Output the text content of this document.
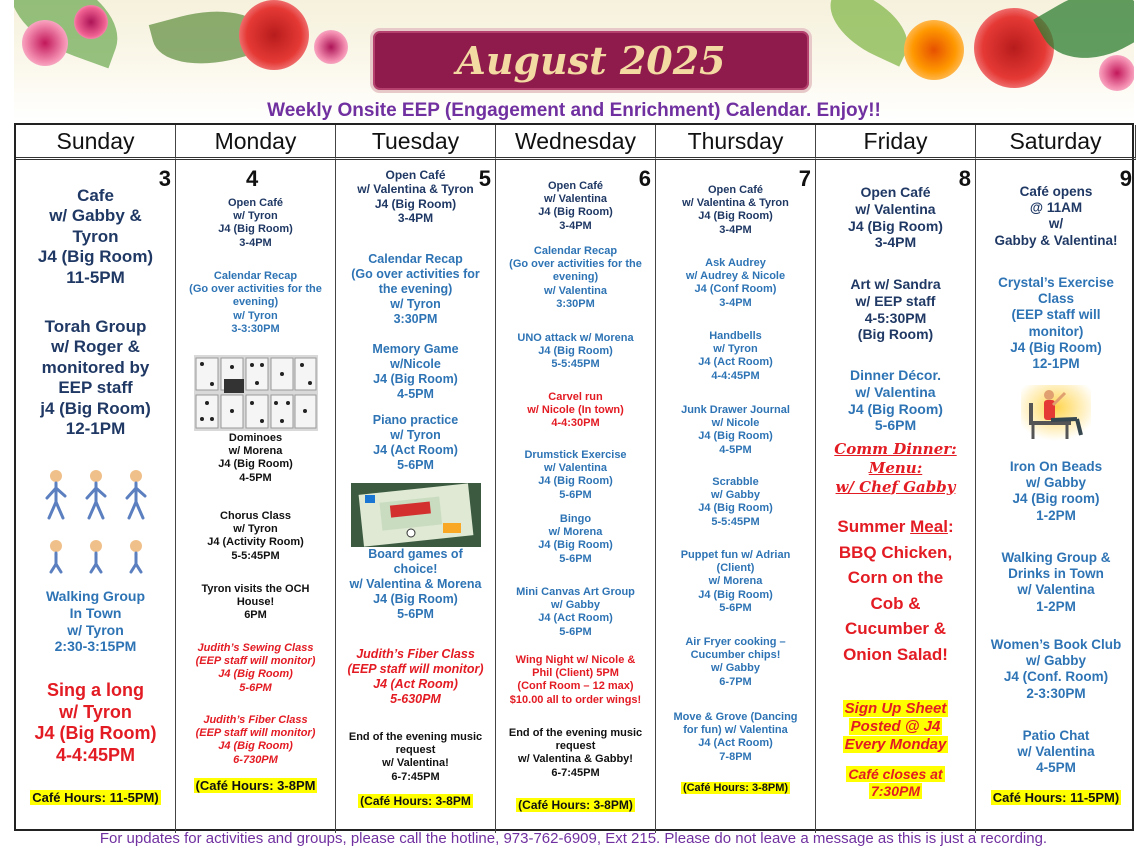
August 2025
Weekly Onsite EEP (Engagement and Enrichment) Calendar. Enjoy!!
Sunday	Monday	Tuesday	Wednesday	Thursday	Friday	Saturday
3
Cafe
w/ Gabby &
Tyron
J4 (Big Room)
11-5PM
Torah Group
w/ Roger &
monitored by
EEP staff
j4 (Big Room)
12-1PM
Walking Group
In Town
w/ Tyron
2:30-3:15PM
Sing a long
w/ Tyron
J4 (Big Room)
4-4:45PM
Café Hours: 11-5PM)
4
Open Café
w/ Tyron
J4 (Big Room)
3-4PM
Calendar Recap
(Go over activities for the
evening)
w/ Tyron
3-3:30PM
Dominoes
w/ Morena
J4 (Big Room)
4-5PM
Chorus Class
w/ Tyron
J4 (Activity Room)
5-5:45PM
Tyron visits the OCH
House!
6PM
Judith’s Sewing Class
(EEP staff will monitor)
J4 (Big Room)
5-6PM
Judith’s Fiber Class
(EEP staff will monitor)
J4 (Big Room)
6-730PM
(Café Hours: 3-8PM
5
Open Café
w/ Valentina & Tyron
J4 (Big Room)
3-4PM
Calendar Recap
(Go over activities for
the evening)
w/ Tyron
3:30PM
Memory Game
w/Nicole
J4 (Big Room)
4-5PM
Piano practice
w/ Tyron
J4 (Act Room)
5-6PM
Board games of
choice!
w/ Valentina & Morena
J4 (Big Room)
5-6PM
Judith’s Fiber Class
(EEP staff will monitor)
J4 (Act Room)
5-630PM
End of the evening music
request
w/ Valentina!
6-7:45PM
(Café Hours: 3-8PM
6
Open Café
w/ Valentina
J4 (Big Room)
3-4PM
Calendar Recap
(Go over activities for the
evening)
w/ Valentina
3:30PM
UNO attack w/ Morena
J4 (Big Room)
5-5:45PM
Carvel run
w/ Nicole (In town)
4-4:30PM
Drumstick Exercise
w/ Valentina
J4 (Big Room)
5-6PM
Bingo
w/ Morena
J4 (Big Room)
5-6PM
Mini Canvas Art Group
w/ Gabby
J4 (Act Room)
5-6PM
Wing Night w/ Nicole &
Phil (Client) 5PM
(Conf Room – 12 max)
$10.00 all to order wings!
End of the evening music
request
w/ Valentina & Gabby!
6-7:45PM
(Café Hours: 3-8PM)
7
Open Café
w/ Valentina & Tyron
J4 (Big Room)
3-4PM
Ask Audrey
w/ Audrey & Nicole
J4 (Conf Room)
3-4PM
Handbells
w/ Tyron
J4 (Act Room)
4-4:45PM
Junk Drawer Journal
w/ Nicole
J4 (Big Room)
4-5PM
Scrabble
w/ Gabby
J4 (Big Room)
5-5:45PM
Puppet fun w/ Adrian
(Client)
w/ Morena
J4 (Big Room)
5-6PM
Air Fryer cooking –
Cucumber chips!
w/ Gabby
6-7PM
Move & Grove (Dancing
for fun) w/ Valentina
J4 (Act Room)
7-8PM
(Café Hours: 3-8PM)
8
Open Café
w/ Valentina
J4 (Big Room)
3-4PM
Art w/ Sandra
w/ EEP staff
4-5:30PM
(Big Room)
Dinner Décor.
w/ Valentina
J4 (Big Room)
5-6PM
Comm Dinner:
Menu:
w/ Chef Gabby
Summer Meal:
BBQ Chicken,
Corn on the
Cob &
Cucumber &
Onion Salad!
Sign Up Sheet
Posted @ J4
Every Monday
Café closes at
7:30PM
9
Café opens
@ 11AM
w/
Gabby & Valentina!
Crystal’s Exercise
Class
(EEP staff will
monitor)
J4 (Big Room)
12-1PM
Iron On Beads
w/ Gabby
J4 (Big room)
1-2PM
Walking Group &
Drinks in Town
w/ Valentina
1-2PM
Women’s Book Club
w/ Gabby
J4 (Conf. Room)
2-3:30PM
Patio Chat
w/ Valentina
4-5PM
Café Hours: 11-5PM)
For updates for activities and groups, please call the hotline, 973-762-6909, Ext 215. Please do not leave a message as this is just a recording.
